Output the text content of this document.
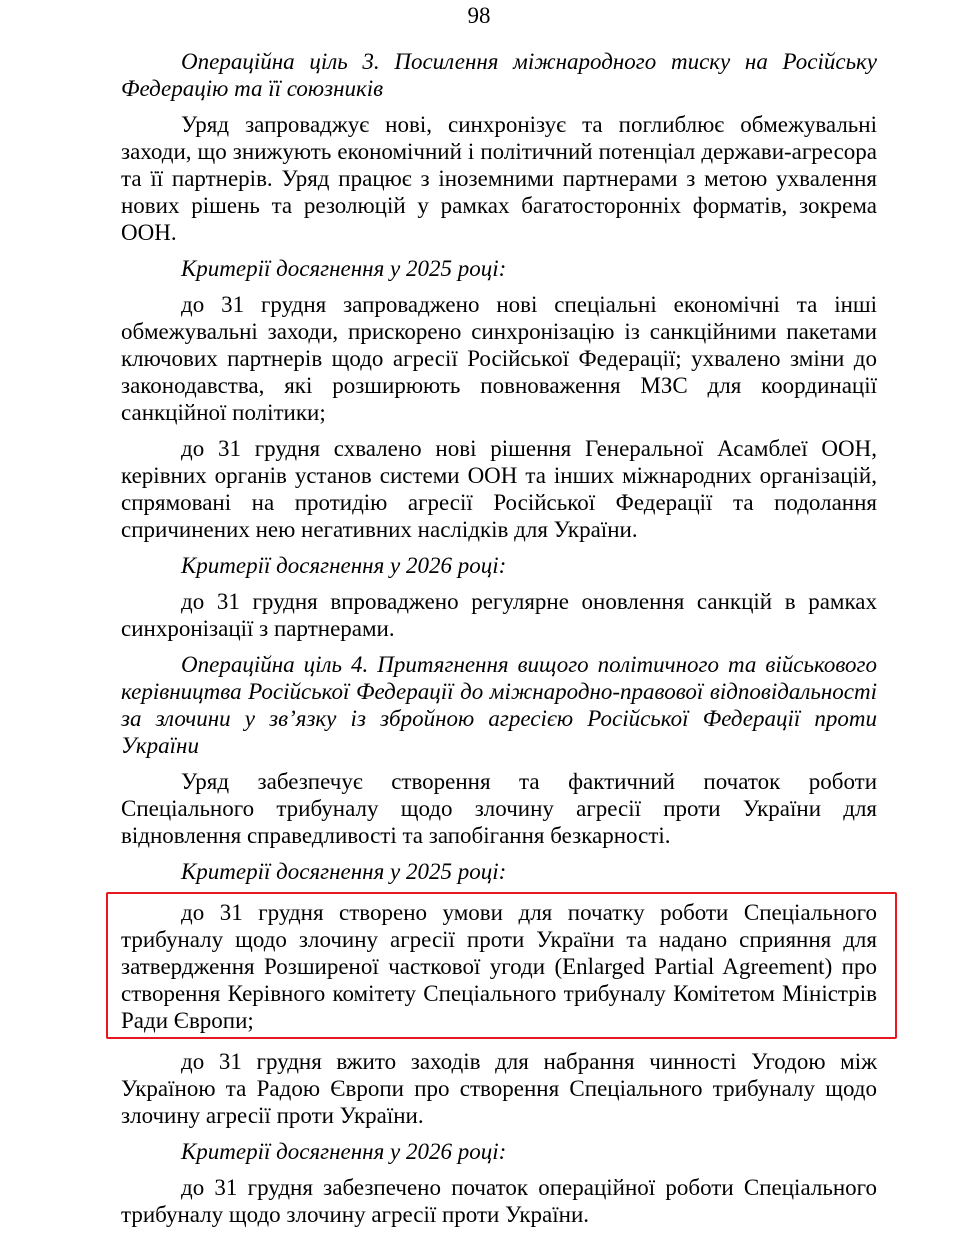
98

Операційна ціль 3. Посилення міжнародного тиску на Російську Федерацію та її союзників

Уряд запроваджує нові, синхронізує та поглиблює обмежувальні заходи, що знижують економічний і політичний потенціал держави-агресора та її партнерів. Уряд працює з іноземними партнерами з метою ухвалення нових рішень та резолюцій у рамках багатосторонніх форматів, зокрема ООН.

Критерії досягнення у 2025 році:

до 31 грудня запроваджено нові спеціальні економічні та інші обмежувальні заходи, прискорено синхронізацію із санкційними пакетами ключових партнерів щодо агресії Російської Федерації; ухвалено зміни до законодавства, які розширюють повноваження МЗС для координації санкційної політики;

до 31 грудня схвалено нові рішення Генеральної Асамблеї ООН, керівних органів установ системи ООН та інших міжнародних організацій, спрямовані на протидію агресії Російської Федерації та подолання спричинених нею негативних наслідків для України.

Критерії досягнення у 2026 році:

до 31 грудня впроваджено регулярне оновлення санкцій в рамках синхронізації з партнерами.

Операційна ціль 4. Притягнення вищого політичного та військового керівництва Російської Федерації до міжнародно-правової відповідальності за злочини у зв’язку із збройною агресією Російської Федерації проти України

Уряд забезпечує створення та фактичний початок роботи Спеціального трибуналу щодо злочину агресії проти України для відновлення справедливості та запобігання безкарності.

Критерії досягнення у 2025 році:

до 31 грудня створено умови для початку роботи Спеціального трибуналу щодо злочину агресії проти України та надано сприяння для затвердження Розширеної часткової угоди (Enlarged Partial Agreement) про створення Керівного комітету Спеціального трибуналу Комітетом Міністрів Ради Європи;

до 31 грудня вжито заходів для набрання чинності Угодою між Україною та Радою Європи про створення Спеціального трибуналу щодо злочину агресії проти України.

Критерії досягнення у 2026 році:

до 31 грудня забезпечено початок операційної роботи Спеціального трибуналу щодо злочину агресії проти України.
